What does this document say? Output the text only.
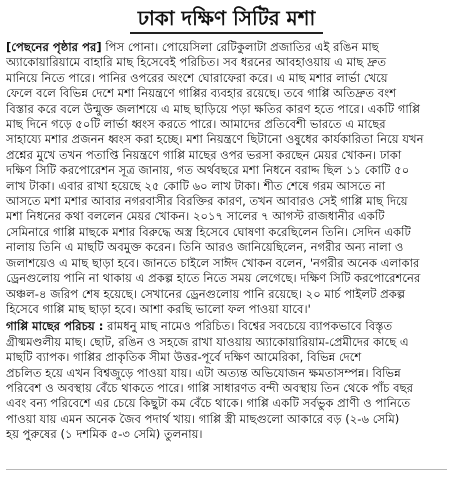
ঢাকা দক্ষিণ সিটির মশা
[পেছনের পৃষ্ঠার পর] পিস পোনা। পোয়েসিলা রেটিকুলাটা প্রজাতির এই রঙিন মাছ
অ্যাকোয়ারিয়ামে বাহারি মাছ হিসেবেই পরিচিত। সব ধরনের আবহাওয়ায় এ মাছ দ্রুত
মানিয়ে নিতে পারে। পানির ওপরের অংশে ঘোরাফেরা করে। এ মাছ মশার লার্ভা খেয়ে
ফেলে বলে বিভিন্ন দেশে মশা নিয়ন্ত্রণে গাপ্পির ব্যবহার রয়েছে। তবে গাপ্পি অতিদ্রুত বংশ
বিস্তার করে বলে উন্মুক্ত জলাশয়ে এ মাছ ছাড়িয়ে পড়া ক্ষতির কারণ হতে পারে। একটি গাপ্পি
মাছ দিনে গড়ে ৫০টি লার্ভা ধ্বংস করতে পারে। আমাদের প্রতিবেশী ভারতে এ মাছের
সাহায্যে মশার প্রজনন ধ্বংস করা হচ্ছে। মশা নিয়ন্ত্রণে ছিটানো ওষুধের কার্যকারিতা নিয়ে যখন
প্রশ্নের মুখে তখন পতাপ্তি নিয়ন্ত্রণে গাপ্পি মাছের ওপর ভরসা করছেন মেয়র খোকন। ঢাকা
দক্ষিণ সিটি করপোরেশন সূত্র জানায়, গত অর্থবছরে মশা নিধনে বরাদ্দ ছিল ১১ কোটি ৫০
লাখ টাকা। এবার রাখা হয়েছে ২৫ কোটি ৬০ লাখ টাকা। শীত শেষে গরম আসতে না
আসতে মশা মশার আবার নগরবাসীর বিরক্তির কারণ, তখন আবারও সেই গাপ্পি মাছ দিয়ে
মশা নিধনের কথা বললেন মেয়র খোকন। ২০১৭ সালের ৭ আগস্ট রাজধানীর একটি
সেমিনারে গাপ্পি মাছকে মশার বিরুদ্ধে অস্ত্র হিসেবে ঘোষণা করেছিলেন তিনি। সেদিন একটি
নালায় তিনি এ মাছটি অবমুক্ত করেন। তিনি আরও জানিয়েছিলেন, নগরীর অন্য নালা ও
জলাশয়েও এ মাছ ছাড়া হবে। জানতে চাইলে সাঈদ খোকন বলেন, 'নগরীর অনেক এলাকার
ড্রেনগুলোয় পানি না থাকায় এ প্রকল্প হাতে নিতে সময় লেগেছে। দক্ষিণ সিটি করপোরেশনের
অঞ্চল-৪ জরিপ শেষ হয়েছে। সেখানের ড্রেনগুলোয় পানি রয়েছে। ২০ মার্চ পাইলট প্রকল্প
হিসেবে গাপ্পি মাছ ছাড়া হবে। আশা করছি ভালো ফল পাওয়া যাবে।'
গাপ্পি মাছের পরিচয় : রামধনু মাছ নামেও পরিচিত। বিশ্বের সবচেয়ে ব্যাপকভাবে বিস্তৃত
গ্রীষ্মমণ্ডলীয় মাছ। ছোট, রঙিন ও সহজে রাখা যাওয়ায় অ্যাকোয়ারিয়াম-প্রেমীদের কাছে এ
মাছটি ব্যাপক। গাপ্পির প্রাকৃতিক সীমা উত্তর-পূর্বে দক্ষিণ আমেরিকা, বিভিন্ন দেশে
প্রচলিত হয়ে এখন বিশ্বজুড়ে পাওয়া যায়। এটা অত্যন্ত অভিযোজন ক্ষমতাসম্পন্ন। বিভিন্ন
পরিবেশ ও অবস্থায় বেঁচে থাকতে পারে। গাপ্পি সাধারণত বন্দী অবস্থায় তিন থেকে পাঁচ বছর
এবং বন্য পরিবেশে এর চেয়ে কিছুটা কম বেঁচে থাকে। গাপ্পি একটি সর্বভুক প্রাণী ও পানিতে
পাওয়া যায় এমন অনেক জৈব পদার্থ খায়। গাপ্পি স্ত্রী মাছগুলো আকারে বড় (২-৬ সেমি)
হয় পুরুষের (১ দশমিক ৫-৩ সেমি) তুলনায়।
